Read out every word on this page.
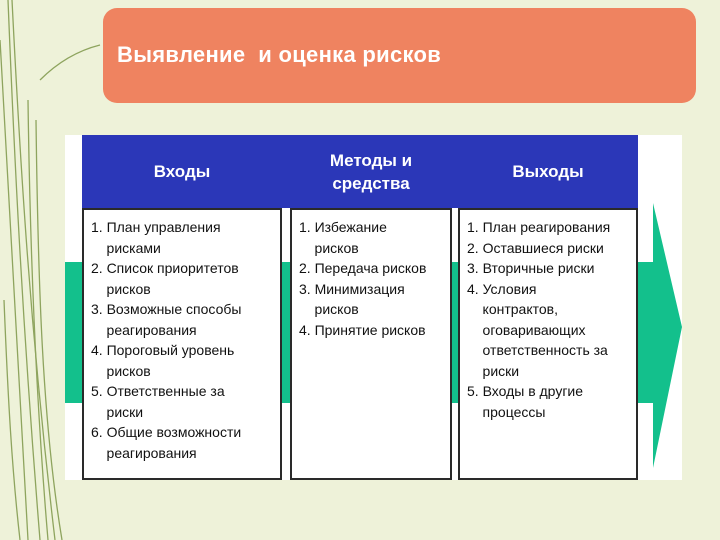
Выявление  и оценка рисков
Входы
1. План управления
рисками
2. Список приоритетов
рисков
3. Возможные способы
реагирования
4. Пороговый уровень
рисков
5. Ответственные за
риски
6. Общие возможности
реагирования
Методы и
средства
1. Избежание
рисков
2. Передача рисков
3. Минимизация
рисков
4. Принятие рисков
Выходы
1. План реагирования
2. Оставшиеся риски
3. Вторичные риски
4. Условия
контрактов,
оговаривающих
ответственность за
риски
5. Входы в другие
процессы
